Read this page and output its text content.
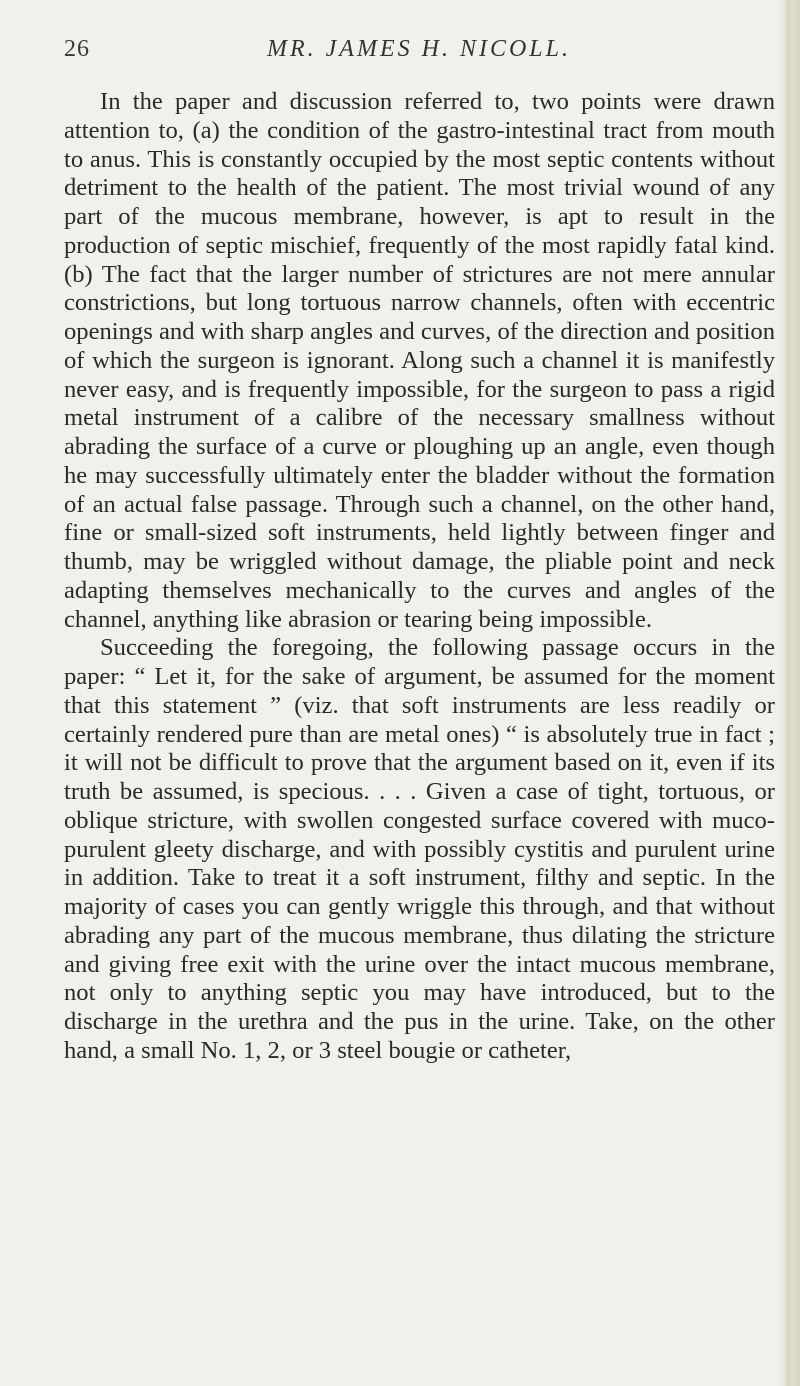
26	MR. JAMES H. NICOLL.

In the paper and discussion referred to, two points were drawn attention to, (a) the condition of the gastro-intestinal tract from mouth to anus. This is constantly occupied by the most septic contents without detriment to the health of the patient. The most trivial wound of any part of the mucous membrane, however, is apt to result in the production of septic mischief, frequently of the most rapidly fatal kind. (b) The fact that the larger number of strictures are not mere annular constrictions, but long tortuous narrow channels, often with eccentric openings and with sharp angles and curves, of the direction and position of which the surgeon is ignorant. Along such a channel it is manifestly never easy, and is frequently impossible, for the surgeon to pass a rigid metal instrument of a calibre of the necessary smallness without abrading the surface of a curve or ploughing up an angle, even though he may successfully ultimately enter the bladder without the formation of an actual false passage. Through such a channel, on the other hand, fine or small-sized soft instruments, held lightly between finger and thumb, may be wriggled without damage, the pliable point and neck adapting themselves mechanically to the curves and angles of the channel, anything like abrasion or tearing being impossible.

Succeeding the foregoing, the following passage occurs in the paper: “ Let it, for the sake of argument, be assumed for the moment that this statement ” (viz. that soft instruments are less readily or certainly rendered pure than are metal ones) “ is absolutely true in fact ; it will not be difficult to prove that the argument based on it, even if its truth be assumed, is specious. . . . Given a case of tight, tortuous, or oblique stricture, with swollen congested surface covered with muco-purulent gleety discharge, and with possibly cystitis and purulent urine in addition. Take to treat it a soft instrument, filthy and septic. In the majority of cases you can gently wriggle this through, and that without abrading any part of the mucous membrane, thus dilating the stricture and giving free exit with the urine over the intact mucous membrane, not only to anything septic you may have introduced, but to the discharge in the urethra and the pus in the urine. Take, on the other hand, a small No. 1, 2, or 3 steel bougie or catheter,
